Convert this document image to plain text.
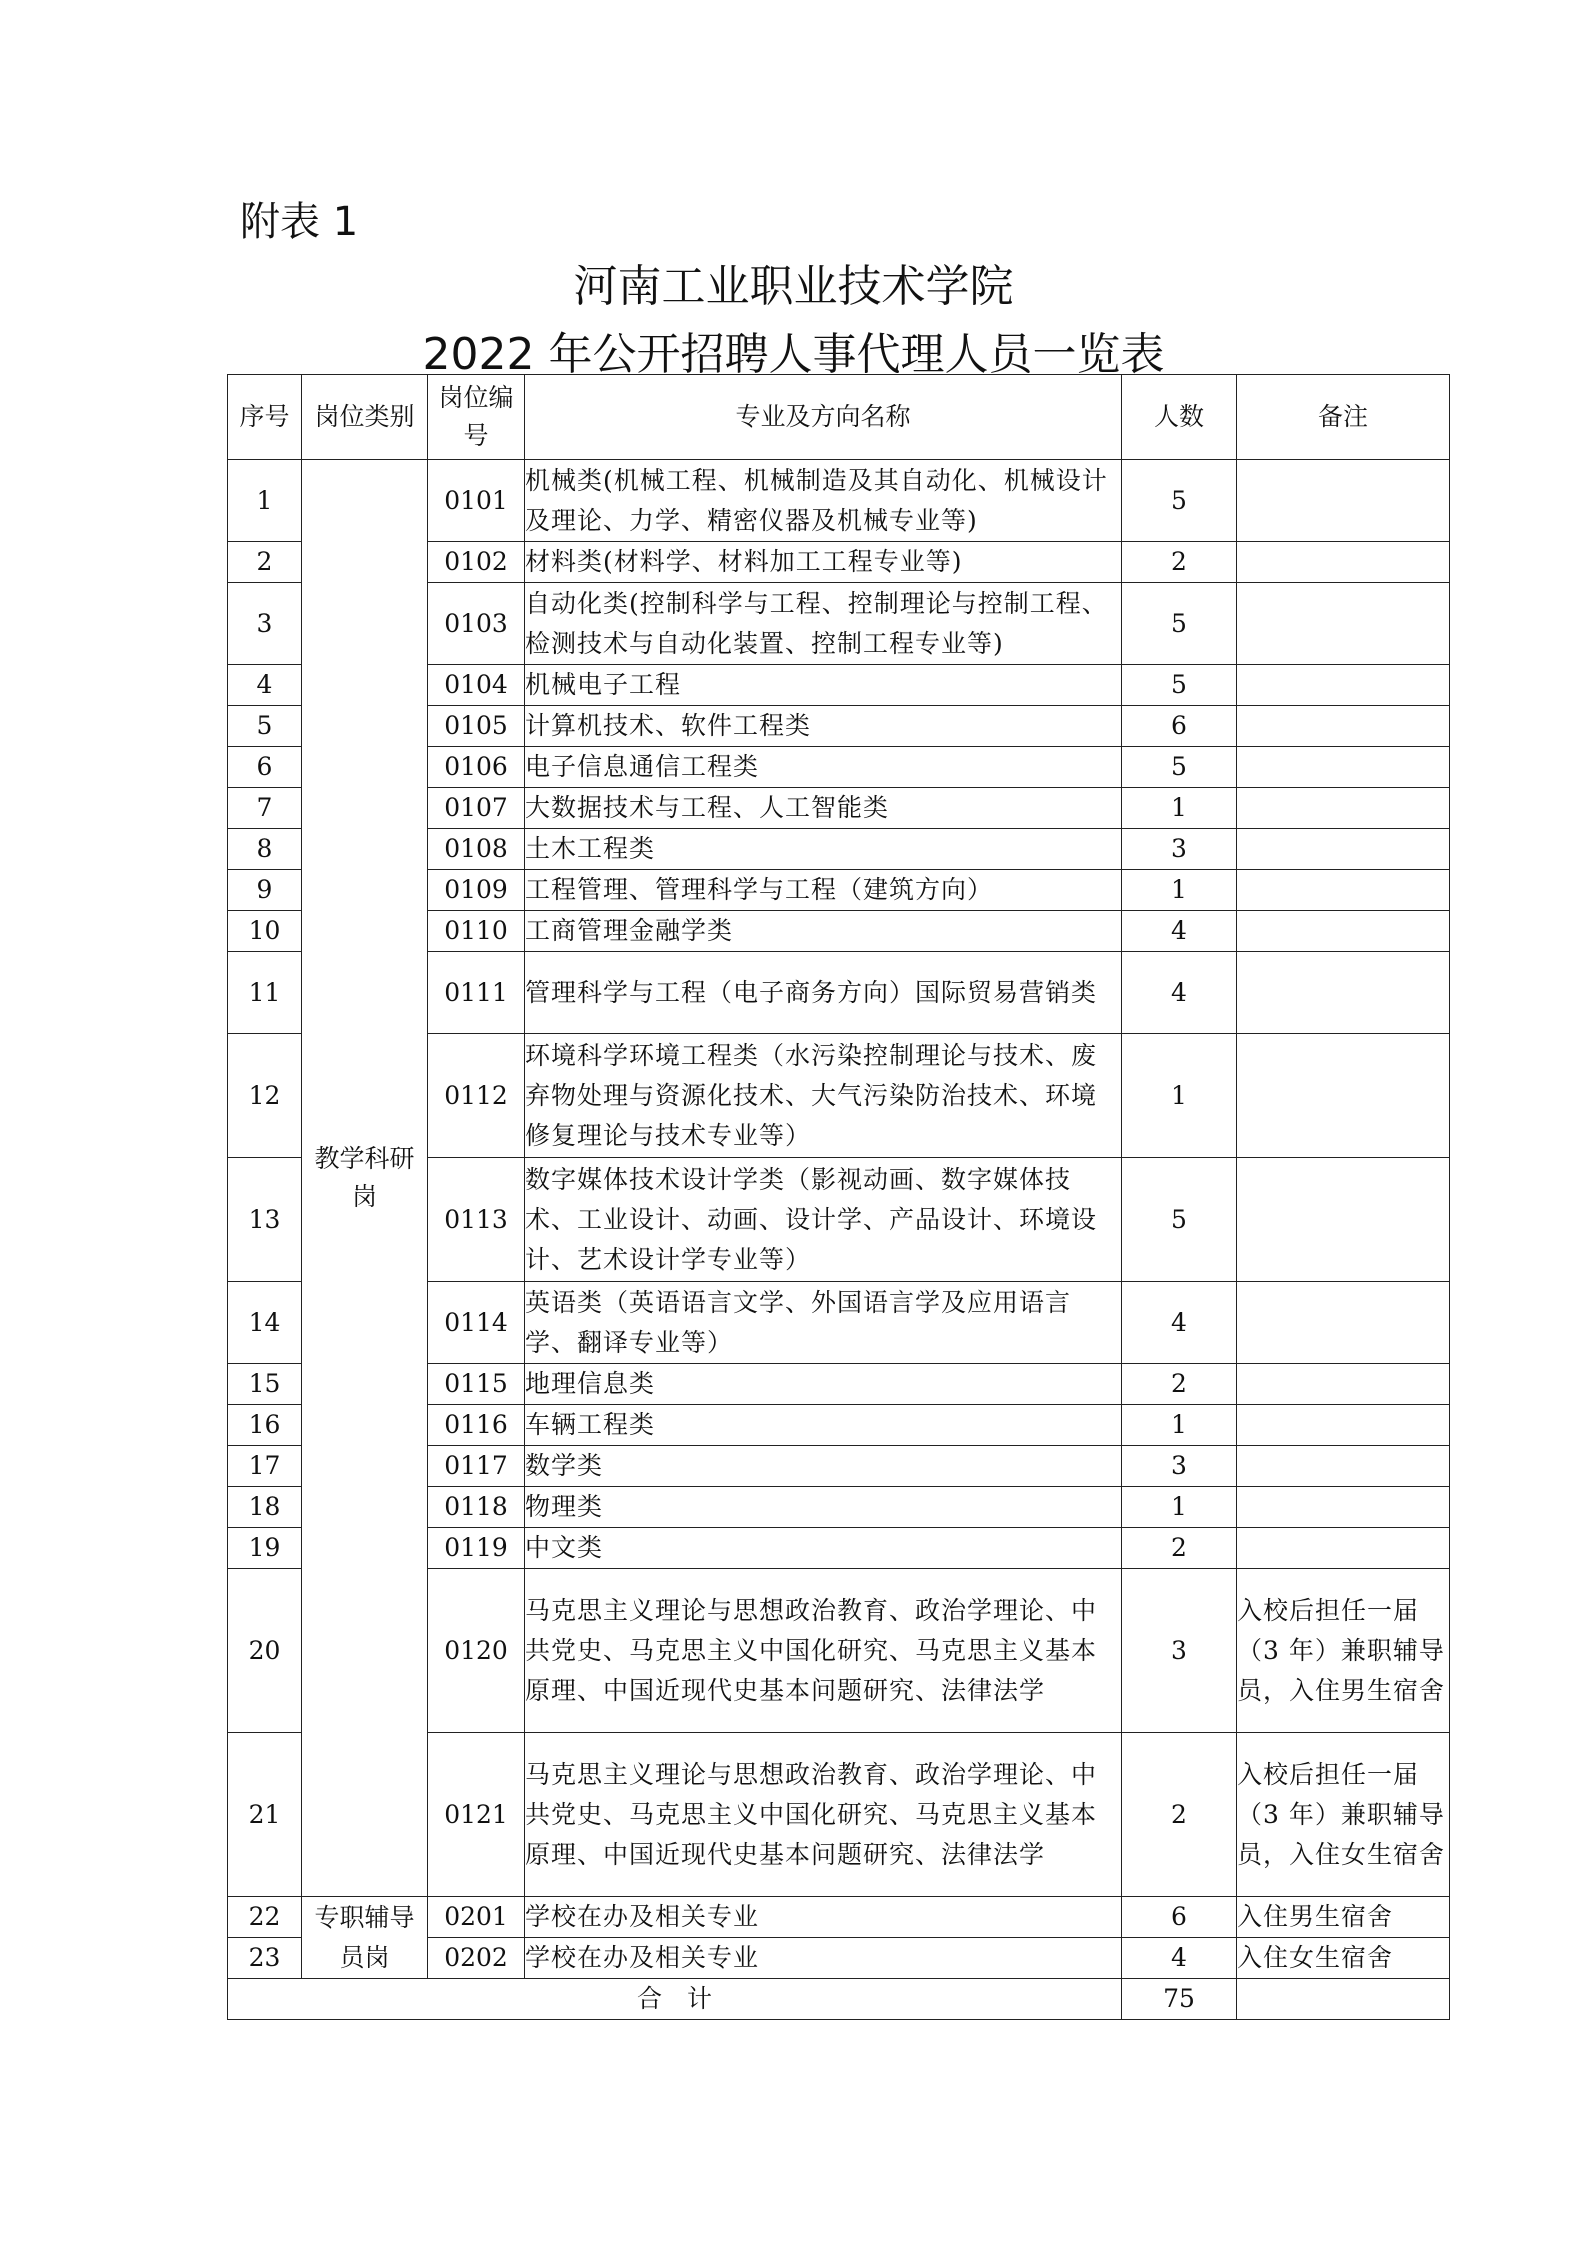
附表 1
河南工业职业技术学院
2022 年公开招聘人事代理人员一览表
序号	岗位类别	岗位编号	专业及方向名称	人数	备注
1	教学科研岗	0101	机械类(机械工程、机械制造及其自动化、机械设计及理论、力学、精密仪器及机械专业等)	5	
2		0102	材料类(材料学、材料加工工程专业等)	2	
3		0103	自动化类(控制科学与工程、控制理论与控制工程、检测技术与自动化装置、控制工程专业等)	5	
4		0104	机械电子工程	5	
5		0105	计算机技术、软件工程类	6	
6		0106	电子信息通信工程类	5	
7		0107	大数据技术与工程、人工智能类	1	
8		0108	土木工程类	3	
9		0109	工程管理、管理科学与工程（建筑方向）	1	
10		0110	工商管理金融学类	4	
11		0111	管理科学与工程（电子商务方向）国际贸易营销类	4	
12		0112	环境科学环境工程类（水污染控制理论与技术、废弃物处理与资源化技术、大气污染防治技术、环境修复理论与技术专业等）	1	
13		0113	数字媒体技术设计学类（影视动画、数字媒体技术、工业设计、动画、设计学、产品设计、环境设计、艺术设计学专业等）	5	
14		0114	英语类（英语语言文学、外国语言学及应用语言学、翻译专业等）	4	
15		0115	地理信息类	2	
16		0116	车辆工程类	1	
17		0117	数学类	3	
18		0118	物理类	1	
19		0119	中文类	2	
20		0120	马克思主义理论与思想政治教育、政治学理论、中共党史、马克思主义中国化研究、马克思主义基本原理、中国近现代史基本问题研究、法律法学	3	入校后担任一届（3 年）兼职辅导员，入住男生宿舍
21		0121	马克思主义理论与思想政治教育、政治学理论、中共党史、马克思主义中国化研究、马克思主义基本原理、中国近现代史基本问题研究、法律法学	2	入校后担任一届（3 年）兼职辅导员，入住女生宿舍
22	专职辅导员岗	0201	学校在办及相关专业	6	入住男生宿舍
23		0202	学校在办及相关专业	4	入住女生宿舍
合　计				75	
